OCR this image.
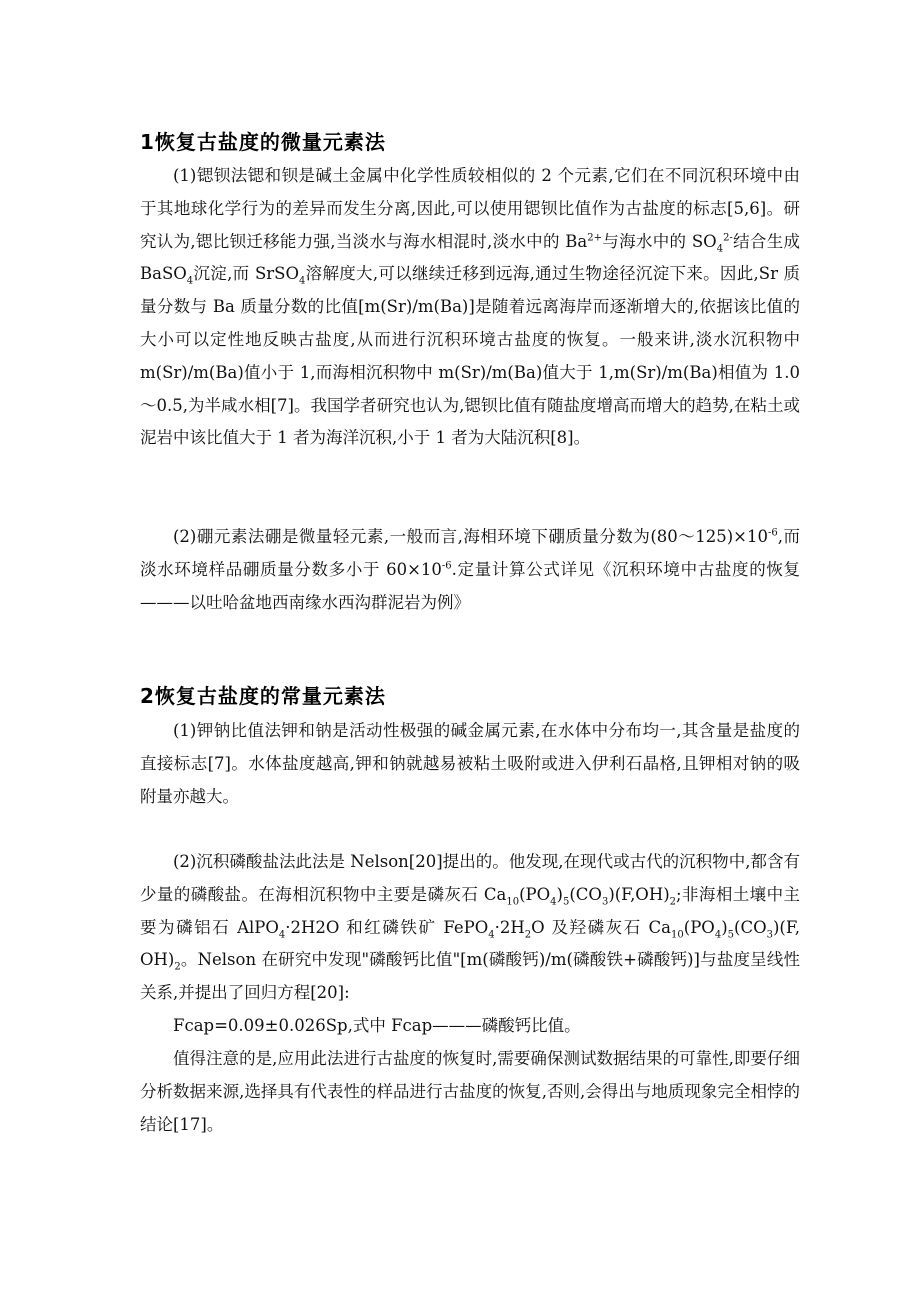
1恢复古盐度的微量元素法

(1)锶钡法锶和钡是碱土金属中化学性质较相似的 2 个元素,它们在不同沉积环境中由于其地球化学行为的差异而发生分离,因此,可以使用锶钡比值作为古盐度的标志[5,6]。研究认为,锶比钡迁移能力强,当淡水与海水相混时,淡水中的 $Ba^{2+}$与海水中的 $SO_4^{2-}$结合生成 BaSO$_4$沉淀,而 SrSO$_4$溶解度大,可以继续迁移到远海,通过生物途径沉淀下来。因此,Sr 质量分数与 Ba 质量分数的比值[m(Sr)/m(Ba)]是随着远离海岸而逐渐增大的,依据该比值的大小可以定性地反映古盐度,从而进行沉积环境古盐度的恢复。一般来讲,淡水沉积物中 m(Sr)/m(Ba)值小于 1,而海相沉积物中 m(Sr)/m(Ba)值大于 1,m(Sr)/m(Ba)相值为 1.0～0.5,为半咸水相[7]。我国学者研究也认为,锶钡比值有随盐度增高而增大的趋势,在粘土或泥岩中该比值大于 1 者为海洋沉积,小于 1 者为大陆沉积[8]。

(2)硼元素法硼是微量轻元素,一般而言,海相环境下硼质量分数为$(80\sim 125)\times 10^{-6}$,而淡水环境样品硼质量分数多小于 $60\times 10^{-6}$.定量计算公式详见《沉积环境中古盐度的恢复———以吐哈盆地西南缘水西沟群泥岩为例》

2恢复古盐度的常量元素法

(1)钾钠比值法钾和钠是活动性极强的碱金属元素,在水体中分布均一,其含量是盐度的直接标志[7]。水体盐度越高,钾和钠就越易被粘土吸附或进入伊利石晶格,且钾相对钠的吸附量亦越大。

(2)沉积磷酸盐法此法是 Nelson[20]提出的。他发现,在现代或古代的沉积物中,都含有少量的磷酸盐。在海相沉积物中主要是磷灰石 $Ca_{10}(PO_4)_5(CO_3)(F,OH)_2$;非海相土壤中主要为磷铝石 AlPO$_4$·2H2O 和红磷铁矿 $FePO_4\cdot 2H_2O$ 及羟磷灰石 $Ca_{10}(PO_4)_5(CO_3)(F$, $OH)_2$。Nelson 在研究中发现"磷酸钙比值"[m(磷酸钙)/m(磷酸铁+磷酸钙)]与盐度呈线性关系,并提出了回归方程[20]:

Fcap=0.09±0.026Sp,式中 Fcap———磷酸钙比值。

值得注意的是,应用此法进行古盐度的恢复时,需要确保测试数据结果的可靠性,即要仔细分析数据来源,选择具有代表性的样品进行古盐度的恢复,否则,会得出与地质现象完全相悖的结论[17]。
